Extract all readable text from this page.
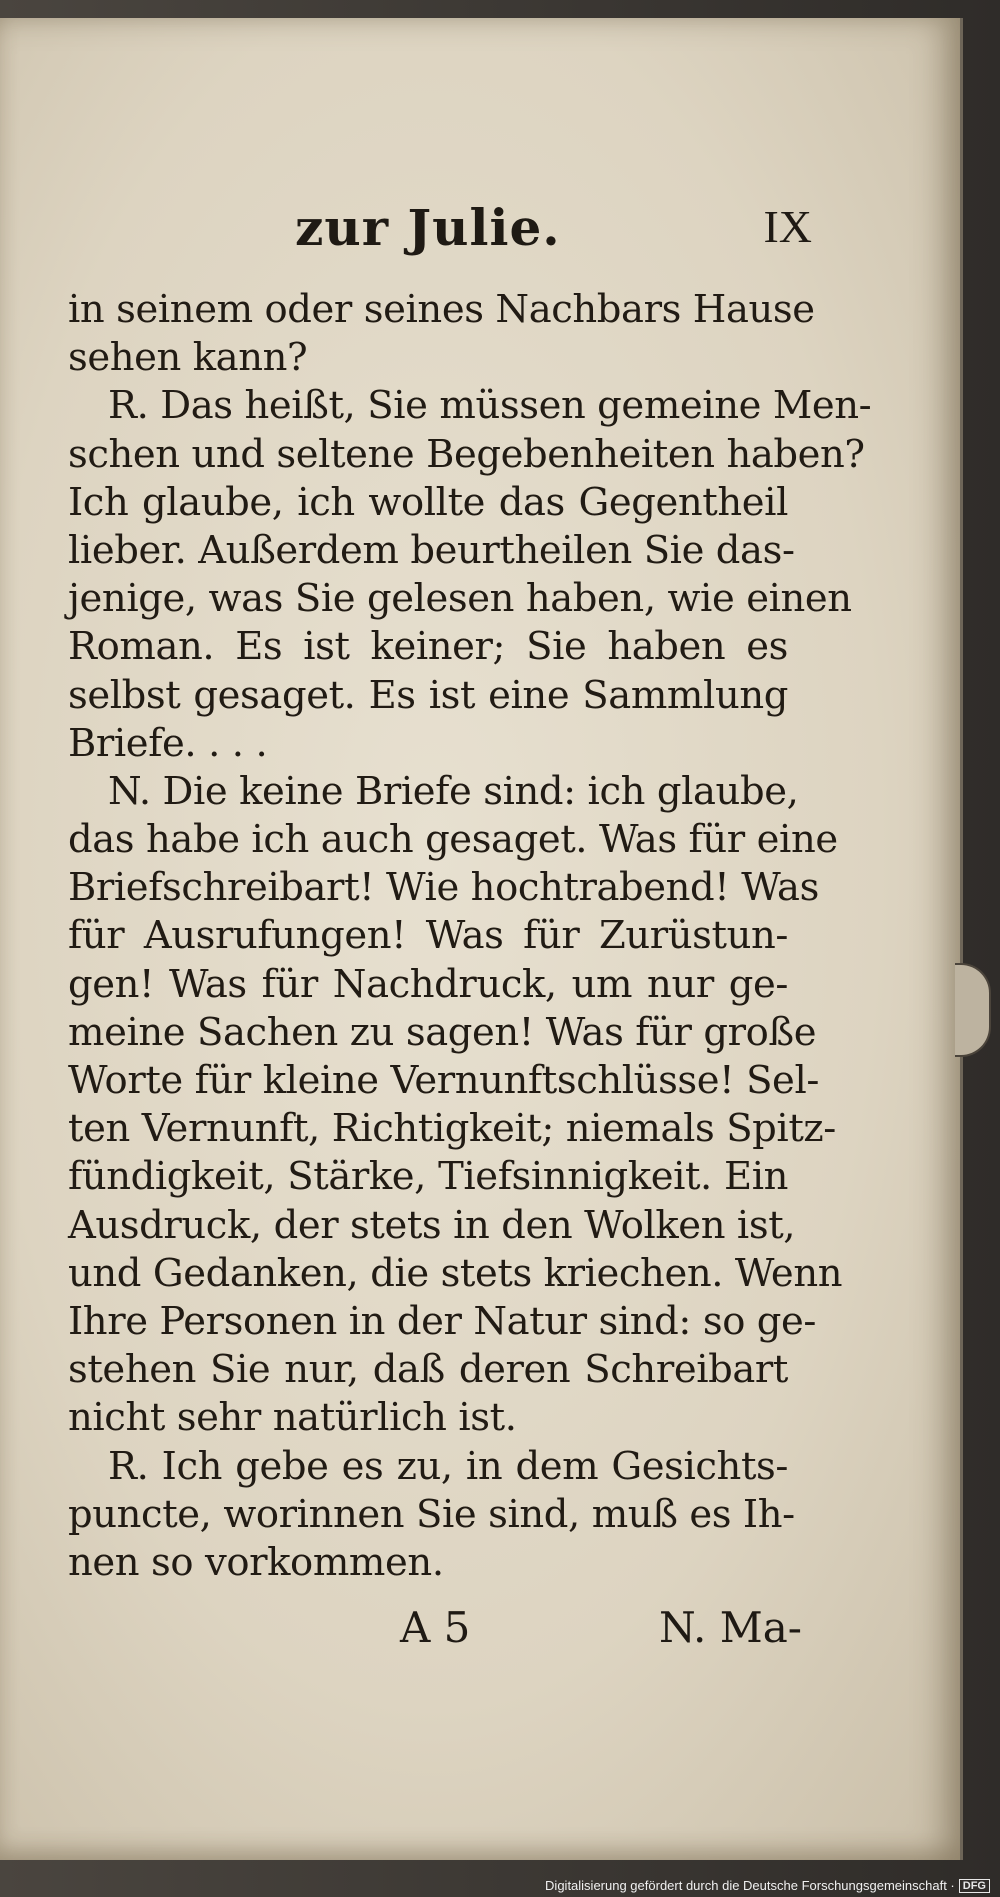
zur Julie.	IX
in seinem oder seines Nachbars Hause
sehen kann?
R. Das heißt, Sie müssen gemeine Men-
schen und seltene Begebenheiten haben?
Ich glaube, ich wollte das Gegentheil
lieber. Außerdem beurtheilen Sie das-
jenige, was Sie gelesen haben, wie einen
Roman. Es ist keiner; Sie haben es
selbst gesaget. Es ist eine Sammlung
Briefe. . . .
N. Die keine Briefe sind: ich glaube,
das habe ich auch gesaget. Was für eine
Briefschreibart! Wie hochtrabend! Was
für Ausrufungen! Was für Zurüstun-
gen! Was für Nachdruck, um nur ge-
meine Sachen zu sagen! Was für große
Worte für kleine Vernunftschlüsse! Sel-
ten Vernunft, Richtigkeit; niemals Spitz-
fündigkeit, Stärke, Tiefsinnigkeit. Ein
Ausdruck, der stets in den Wolken ist,
und Gedanken, die stets kriechen. Wenn
Ihre Personen in der Natur sind: so ge-
stehen Sie nur, daß deren Schreibart
nicht sehr natürlich ist.
R. Ich gebe es zu, in dem Gesichts-
puncte, worinnen Sie sind, muß es Ih-
nen so vorkommen.
A 5	N. Ma-
Digitalisierung gefördert durch die Deutsche Forschungsgemeinschaft · DFG
